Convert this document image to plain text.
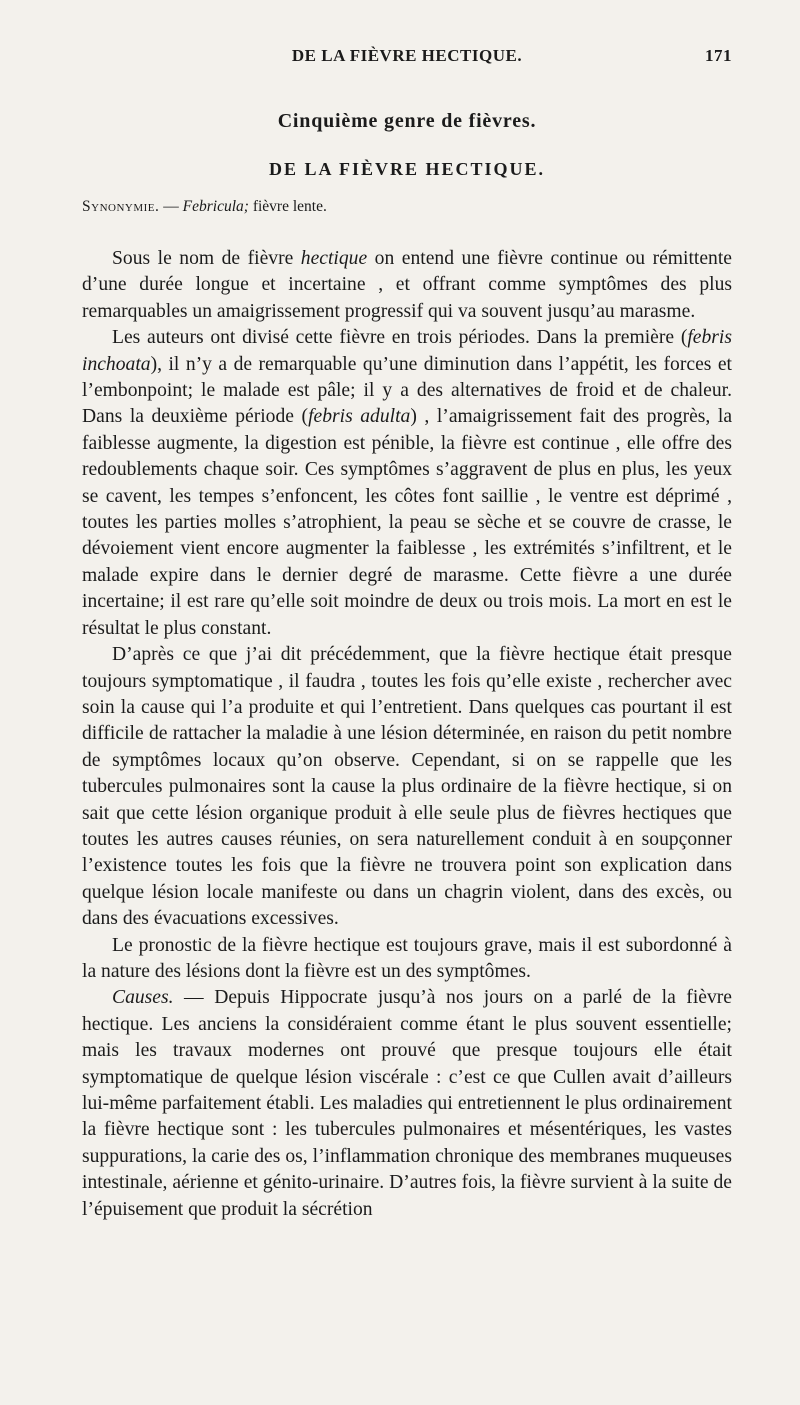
DE LA FIÈVRE HECTIQUE.	171
Cinquième genre de fièvres.
DE LA FIÈVRE HECTIQUE.
Synonymie. — Febricula; fièvre lente.

Sous le nom de fièvre hectique on entend une fièvre continue ou rémittente d’une durée longue et incertaine , et offrant comme symptômes des plus remarquables un amaigrissement progressif qui va souvent jusqu’au marasme.

Les auteurs ont divisé cette fièvre en trois périodes. Dans la première (febris inchoata), il n’y a de remarquable qu’une diminution dans l’appétit, les forces et l’embonpoint; le malade est pâle; il y a des alternatives de froid et de chaleur. Dans la deuxième période (febris adulta) , l’amaigrissement fait des progrès, la faiblesse augmente, la digestion est pénible, la fièvre est continue , elle offre des redoublements chaque soir. Ces symptômes s’aggravent de plus en plus, les yeux se cavent, les tempes s’enfoncent, les côtes font saillie , le ventre est déprimé , toutes les parties molles s’atrophient, la peau se sèche et se couvre de crasse, le dévoiement vient encore augmenter la faiblesse , les extrémités s’infiltrent, et le malade expire dans le dernier degré de marasme. Cette fièvre a une durée incertaine; il est rare qu’elle soit moindre de deux ou trois mois. La mort en est le résultat le plus constant.

D’après ce que j’ai dit précédemment, que la fièvre hectique était presque toujours symptomatique , il faudra , toutes les fois qu’elle existe , rechercher avec soin la cause qui l’a produite et qui l’entretient. Dans quelques cas pourtant il est difficile de rattacher la maladie à une lésion déterminée, en raison du petit nombre de symptômes locaux qu’on observe. Cependant, si on se rappelle que les tubercules pulmonaires sont la cause la plus ordinaire de la fièvre hectique, si on sait que cette lésion organique produit à elle seule plus de fièvres hectiques que toutes les autres causes réunies, on sera naturellement conduit à en soupçonner l’existence toutes les fois que la fièvre ne trouvera point son explication dans quelque lésion locale manifeste ou dans un chagrin violent, dans des excès, ou dans des évacuations excessives.

Le pronostic de la fièvre hectique est toujours grave, mais il est subordonné à la nature des lésions dont la fièvre est un des symptômes.

Causes. — Depuis Hippocrate jusqu’à nos jours on a parlé de la fièvre hectique. Les anciens la considéraient comme étant le plus souvent essentielle; mais les travaux modernes ont prouvé que presque toujours elle était symptomatique de quelque lésion viscérale : c’est ce que Cullen avait d’ailleurs lui-même parfaitement établi. Les maladies qui entretiennent le plus ordinairement la fièvre hectique sont : les tubercules pulmonaires et mésentériques, les vastes suppurations, la carie des os, l’inflammation chronique des membranes muqueuses intestinale, aérienne et génito-urinaire. D’autres fois, la fièvre survient à la suite de l’épuisement que produit la sécrétion
